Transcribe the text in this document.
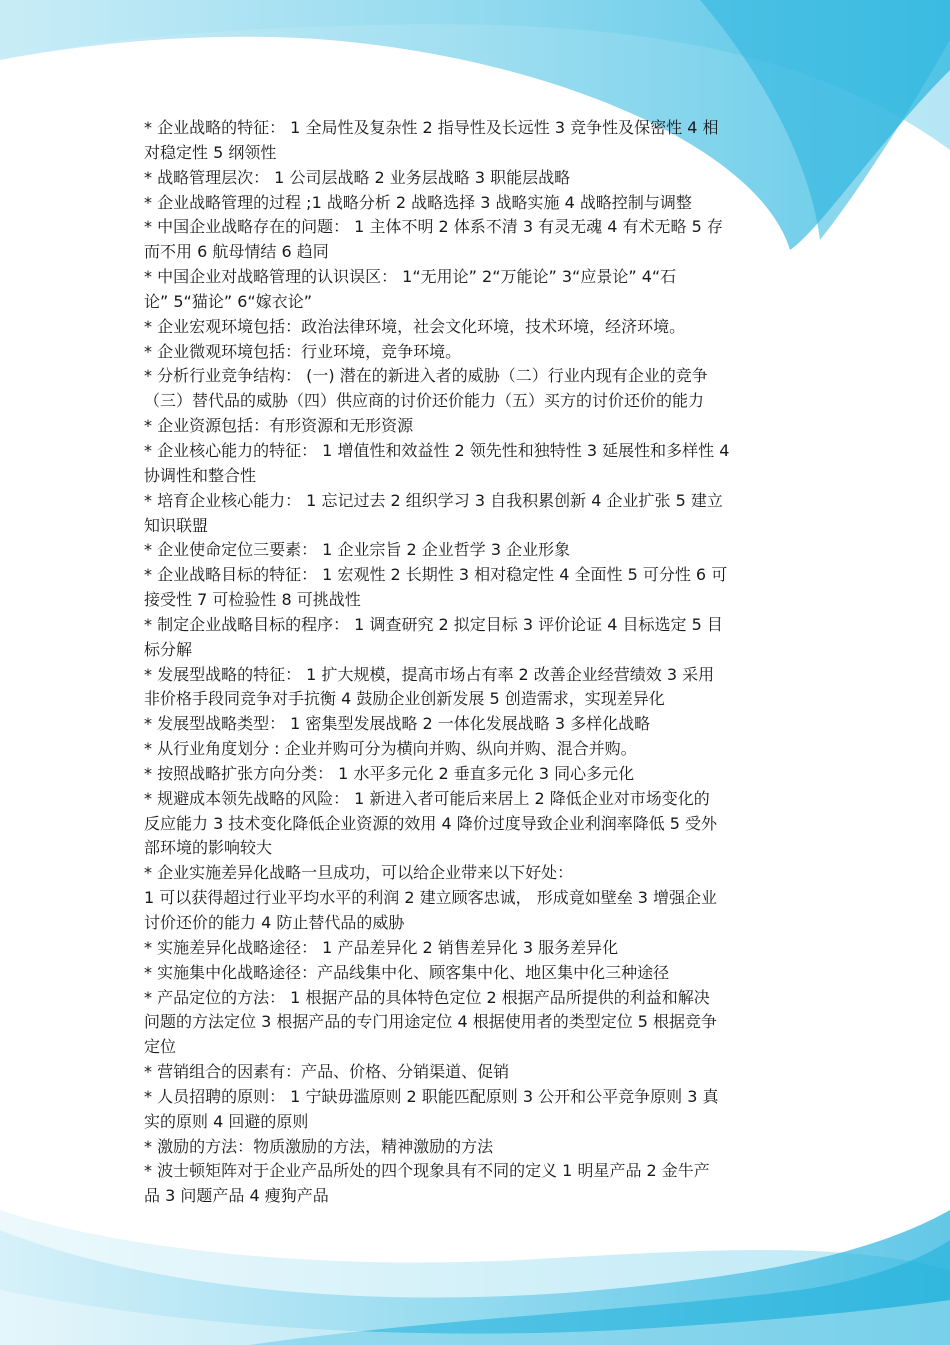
* 企业战略的特征： 1 全局性及复杂性 2 指导性及长远性 3 竞争性及保密性 4 相
对稳定性 5 纲领性
* 战略管理层次： 1 公司层战略 2 业务层战略 3 职能层战略
* 企业战略管理的过程 ;1 战略分析 2 战略选择 3 战略实施 4 战略控制与调整
* 中国企业战略存在的问题： 1 主体不明 2 体系不清 3 有灵无魂 4 有术无略 5 存
而不用 6 航母情结 6 趋同
* 中国企业对战略管理的认识误区： 1“无用论” 2“万能论” 3“应景论” 4“石
论” 5“猫论” 6“嫁衣论”
* 企业宏观环境包括：政治法律环境，社会文化环境，技术环境，经济环境。
* 企业微观环境包括：行业环境，竞争环境。
* 分析行业竞争结构： (一) 潜在的新进入者的威胁（二）行业内现有企业的竞争
（三）替代品的威胁（四）供应商的讨价还价能力（五）买方的讨价还价的能力
* 企业资源包括：有形资源和无形资源
* 企业核心能力的特征： 1 增值性和效益性 2 领先性和独特性 3 延展性和多样性 4
协调性和整合性
* 培育企业核心能力： 1 忘记过去 2 组织学习 3 自我积累创新 4 企业扩张 5 建立
知识联盟
* 企业使命定位三要素： 1 企业宗旨 2 企业哲学 3 企业形象
* 企业战略目标的特征： 1 宏观性 2 长期性 3 相对稳定性 4 全面性 5 可分性 6 可
接受性 7 可检验性 8 可挑战性
* 制定企业战略目标的程序： 1 调查研究 2 拟定目标 3 评价论证 4 目标选定 5 目
标分解
* 发展型战略的特征： 1 扩大规模，提高市场占有率 2 改善企业经营绩效 3 采用
非价格手段同竞争对手抗衡 4 鼓励企业创新发展 5 创造需求，实现差异化
* 发展型战略类型： 1 密集型发展战略 2 一体化发展战略 3 多样化战略
* 从行业角度划分 : 企业并购可分为横向并购、纵向并购、混合并购。
* 按照战略扩张方向分类： 1 水平多元化 2 垂直多元化 3 同心多元化
* 规避成本领先战略的风险： 1 新进入者可能后来居上 2 降低企业对市场变化的
反应能力 3 技术变化降低企业资源的效用 4 降价过度导致企业利润率降低 5 受外
部环境的影响较大
* 企业实施差异化战略一旦成功，可以给企业带来以下好处：
1 可以获得超过行业平均水平的利润 2 建立顾客忠诚， 形成竟如壁垒 3 增强企业
讨价还价的能力 4 防止替代品的威胁
* 实施差异化战略途径： 1 产品差异化 2 销售差异化 3 服务差异化
* 实施集中化战略途径：产品线集中化、顾客集中化、地区集中化三种途径
* 产品定位的方法： 1 根据产品的具体特色定位 2 根据产品所提供的利益和解决
问题的方法定位 3 根据产品的专门用途定位 4 根据使用者的类型定位 5 根据竞争
定位
* 营销组合的因素有：产品、价格、分销渠道、促销
* 人员招聘的原则： 1 宁缺毋滥原则 2 职能匹配原则 3 公开和公平竞争原则 3 真
实的原则 4 回避的原则
* 激励的方法：物质激励的方法，精神激励的方法
* 波士顿矩阵对于企业产品所处的四个现象具有不同的定义 1 明星产品 2 金牛产
品 3 问题产品 4 瘦狗产品
